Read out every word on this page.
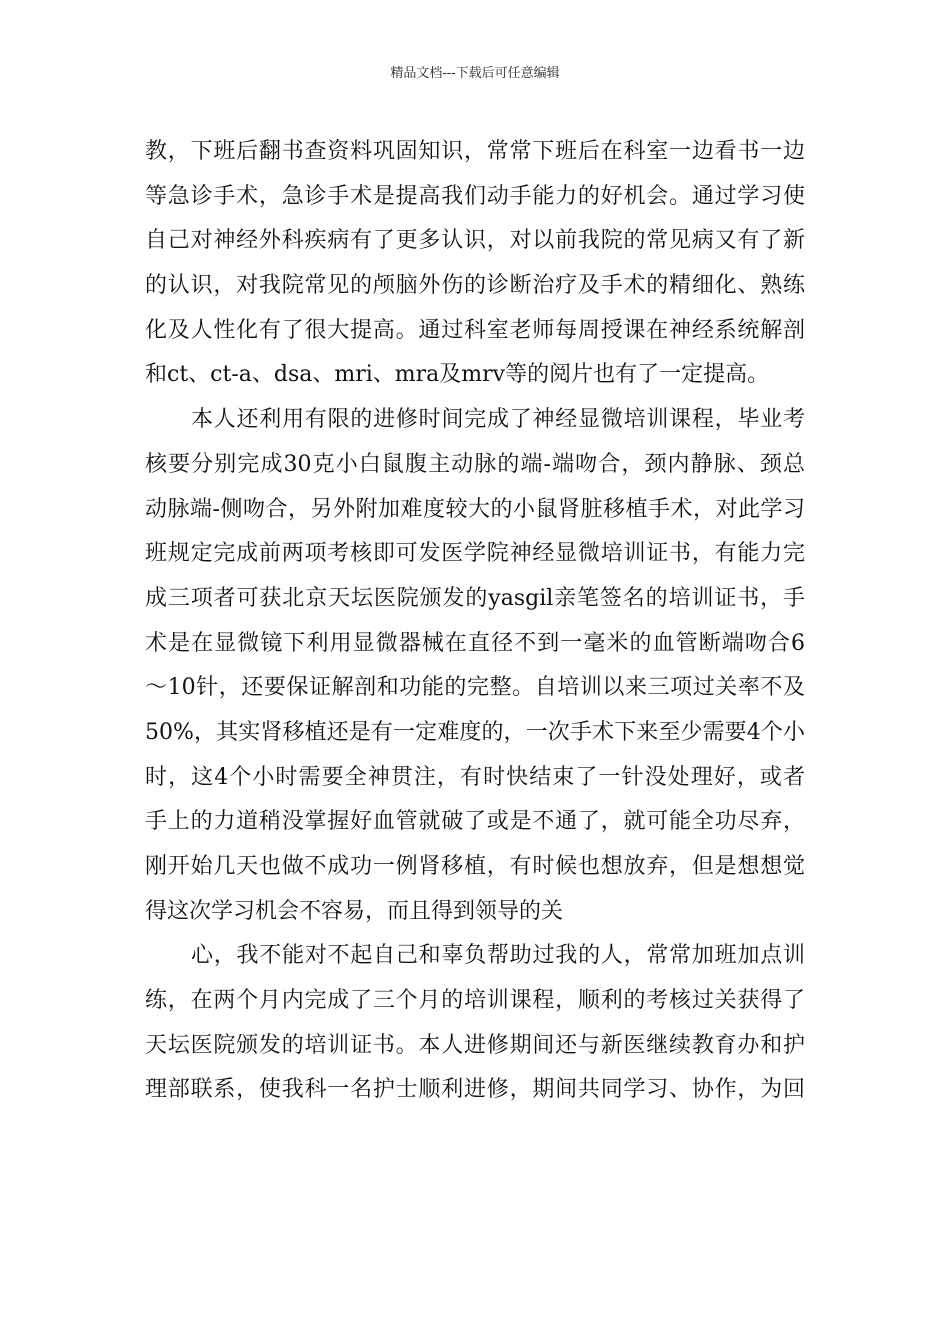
精品文档---下载后可任意编辑
教，下班后翻书查资料巩固知识，常常下班后在科室一边看书一边
等急诊手术，急诊手术是提高我们动手能力的好机会。通过学习使
自己对神经外科疾病有了更多认识，对以前我院的常见病又有了新
的认识，对我院常见的颅脑外伤的诊断治疗及手术的精细化、熟练
化及人性化有了很大提高。通过科室老师每周授课在神经系统解剖
和ct、ct-a、dsa、mri、mra及mrv等的阅片也有了一定提高。
本人还利用有限的进修时间完成了神经显微培训课程，毕业考
核要分别完成30克小白鼠腹主动脉的端-端吻合，颈内静脉、颈总
动脉端-侧吻合，另外附加难度较大的小鼠肾脏移植手术，对此学习
班规定完成前两项考核即可发医学院神经显微培训证书，有能力完
成三项者可获北京天坛医院颁发的yasgil亲笔签名的培训证书，手
术是在显微镜下利用显微器械在直径不到一毫米的血管断端吻合6
～10针，还要保证解剖和功能的完整。自培训以来三项过关率不及
50%，其实肾移植还是有一定难度的，一次手术下来至少需要4个小
时，这4个小时需要全神贯注，有时快结束了一针没处理好，或者
手上的力道稍没掌握好血管就破了或是不通了，就可能全功尽弃，
刚开始几天也做不成功一例肾移植，有时候也想放弃，但是想想觉
得这次学习机会不容易，而且得到领导的关
心，我不能对不起自己和辜负帮助过我的人，常常加班加点训
练，在两个月内完成了三个月的培训课程，顺利的考核过关获得了
天坛医院颁发的培训证书。本人进修期间还与新医继续教育办和护
理部联系，使我科一名护士顺利进修，期间共同学习、协作，为回
